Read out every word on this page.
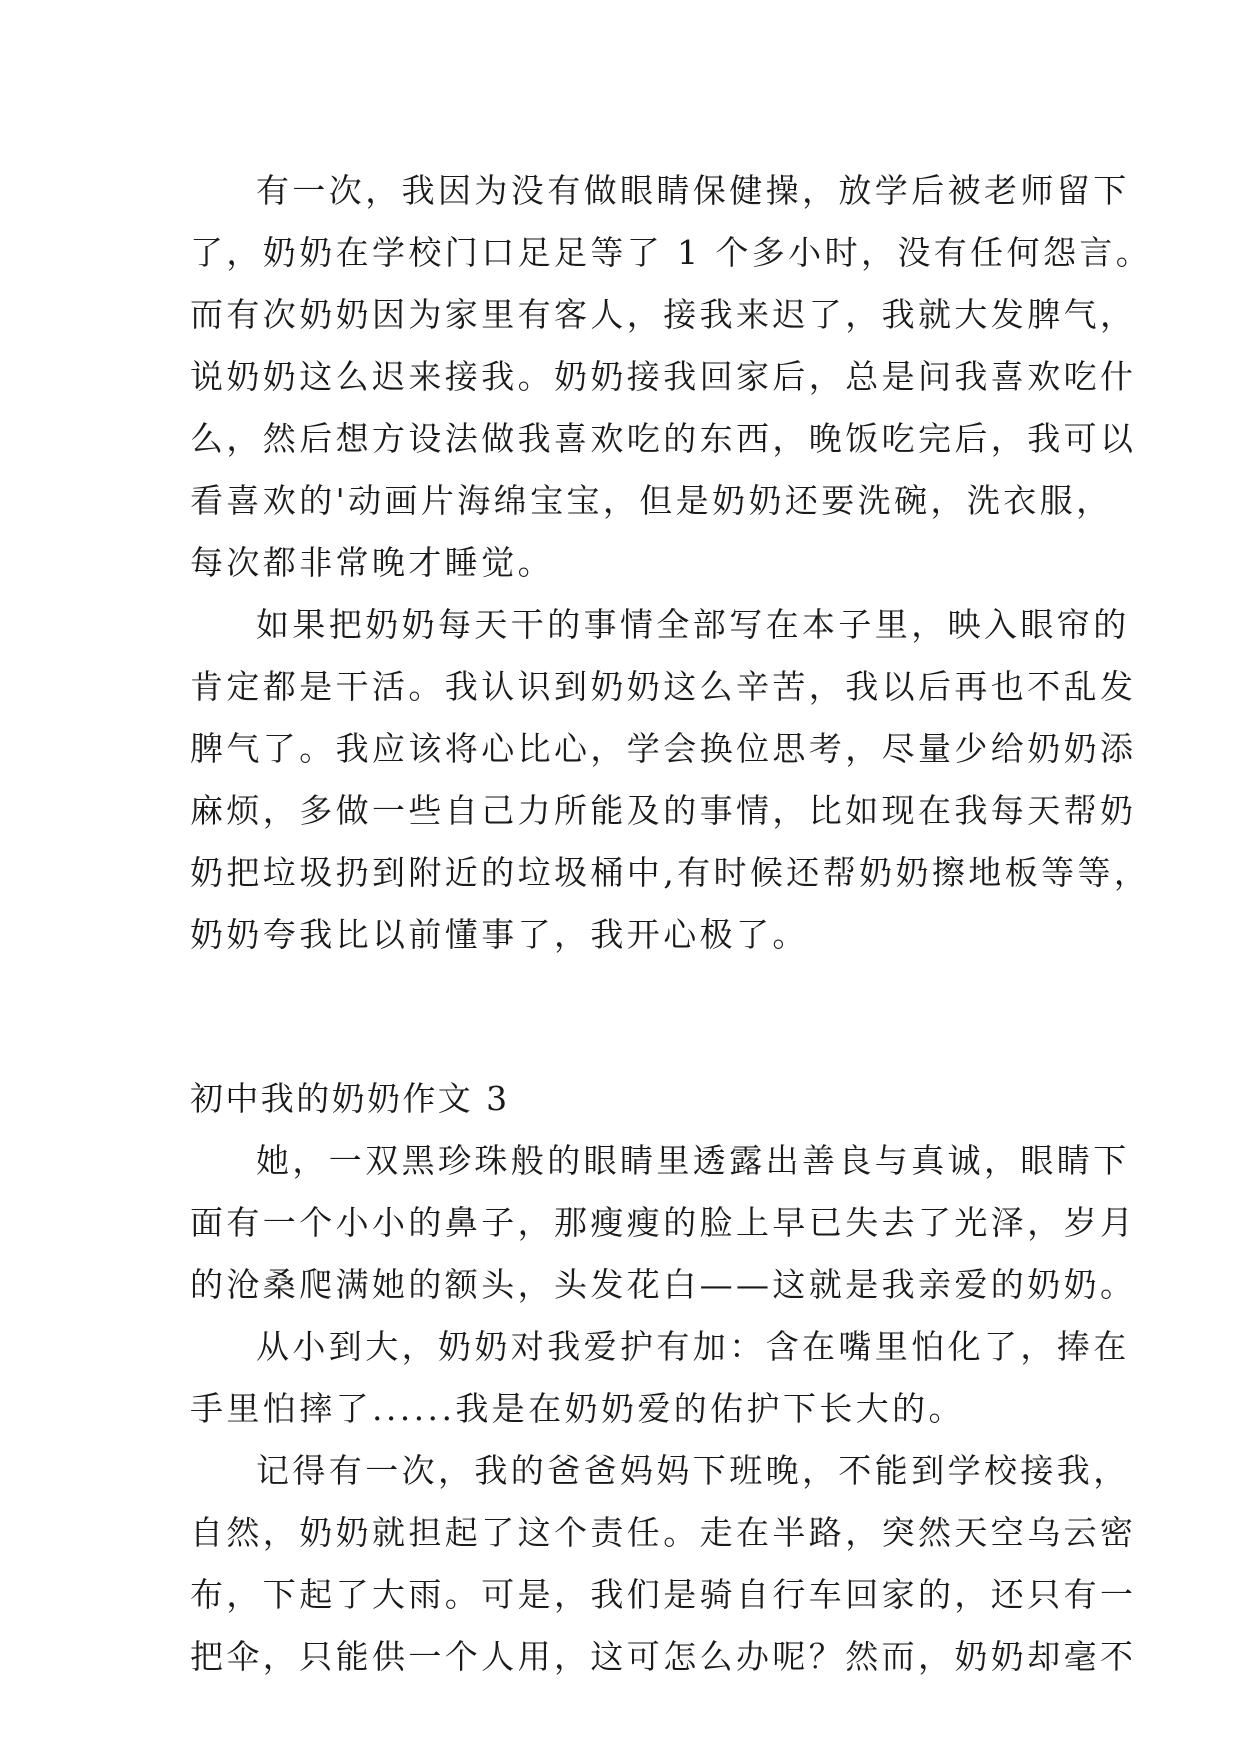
有一次，我因为没有做眼睛保健操，放学后被老师留下
了，奶奶在学校门口足足等了 1 个多小时，没有任何怨言。
而有次奶奶因为家里有客人，接我来迟了，我就大发脾气，
说奶奶这么迟来接我。奶奶接我回家后，总是问我喜欢吃什
么，然后想方设法做我喜欢吃的东西，晚饭吃完后，我可以
看喜欢的'动画片海绵宝宝，但是奶奶还要洗碗，洗衣服，
每次都非常晚才睡觉。
如果把奶奶每天干的事情全部写在本子里，映入眼帘的
肯定都是干活。我认识到奶奶这么辛苦，我以后再也不乱发
脾气了。我应该将心比心，学会换位思考，尽量少给奶奶添
麻烦，多做一些自己力所能及的事情，比如现在我每天帮奶
奶把垃圾扔到附近的垃圾桶中,有时候还帮奶奶擦地板等等，
奶奶夸我比以前懂事了，我开心极了。
初中我的奶奶作文 3
她，一双黑珍珠般的眼睛里透露出善良与真诚，眼睛下
面有一个小小的鼻子，那瘦瘦的脸上早已失去了光泽，岁月
的沧桑爬满她的额头，头发花白——这就是我亲爱的奶奶。
从小到大，奶奶对我爱护有加：含在嘴里怕化了，捧在
手里怕摔了......我是在奶奶爱的佑护下长大的。
记得有一次，我的爸爸妈妈下班晚，不能到学校接我，
自然，奶奶就担起了这个责任。走在半路，突然天空乌云密
布，下起了大雨。可是，我们是骑自行车回家的，还只有一
把伞，只能供一个人用，这可怎么办呢？然而，奶奶却毫不
